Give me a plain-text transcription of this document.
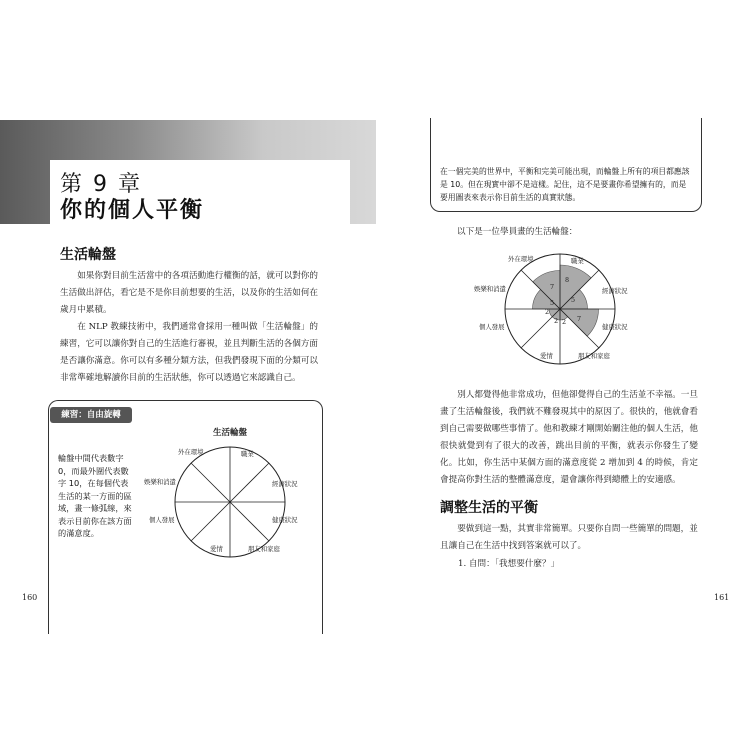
第 9 章
你的個人平衡
生活輪盤

如果你對目前生活當中的各項活動進行權衡的話，就可以對你的生活做出評估，看它是不是你目前想要的生活，以及你的生活如何在歲月中累積。

在 NLP 教練技術中，我們通常會採用一種叫做「生活輪盤」的練習，它可以讓你對自己的生活進行審視，並且判斷生活的各個方面是否讓你滿意。你可以有多種分類方法，但我們發現下面的分類可以非常準確地解讀你目前的生活狀態，你可以透過它來認識自己。

練習：自由旋轉
輪盤中間代表數字 0，而最外圍代表數字 10，在每個代表生活的某一方面的區域，畫一條弧線，來表示目前你在該方面的滿意度。
生活輪盤
外在環境	職業
經濟狀況
健康狀況
朋友和家庭
愛情
個人發展
娛樂和消遣
160
在一個完美的世界中，平衡和完美可能出現，而輪盤上所有的項目都應該是 10。但在現實中卻不是這樣。記住，這不是要畫你希望擁有的，而是要用圖表來表示你目前生活的真實狀態。
以下是一位學員畫的生活輪盤：
外在環境	職業
經濟狀況
健康狀況
朋友和家庭
愛情
個人發展
娛樂和消遣
8
5
7
2
2
2
5
7

別人都覺得他非常成功，但他卻覺得自己的生活並不幸福。一旦畫了生活輪盤後，我們就不難發現其中的原因了。很快的，他就會看到自己需要做哪些事情了。他和教練才剛開始關注他的個人生活，他很快就覺到有了很大的改善，跳出目前的平衡，就表示你發生了變化。比如，你生活中某個方面的滿意度從 2 增加到 4 的時候，肯定會提高你對生活的整體滿意度，還會讓你得到總體上的安適感。

調整生活的平衡

要做到這一點，其實非常簡單。只要你自問一些簡單的問題，並且讓自己在生活中找到答案就可以了。

1. 自問：「我想要什麼？」
161
